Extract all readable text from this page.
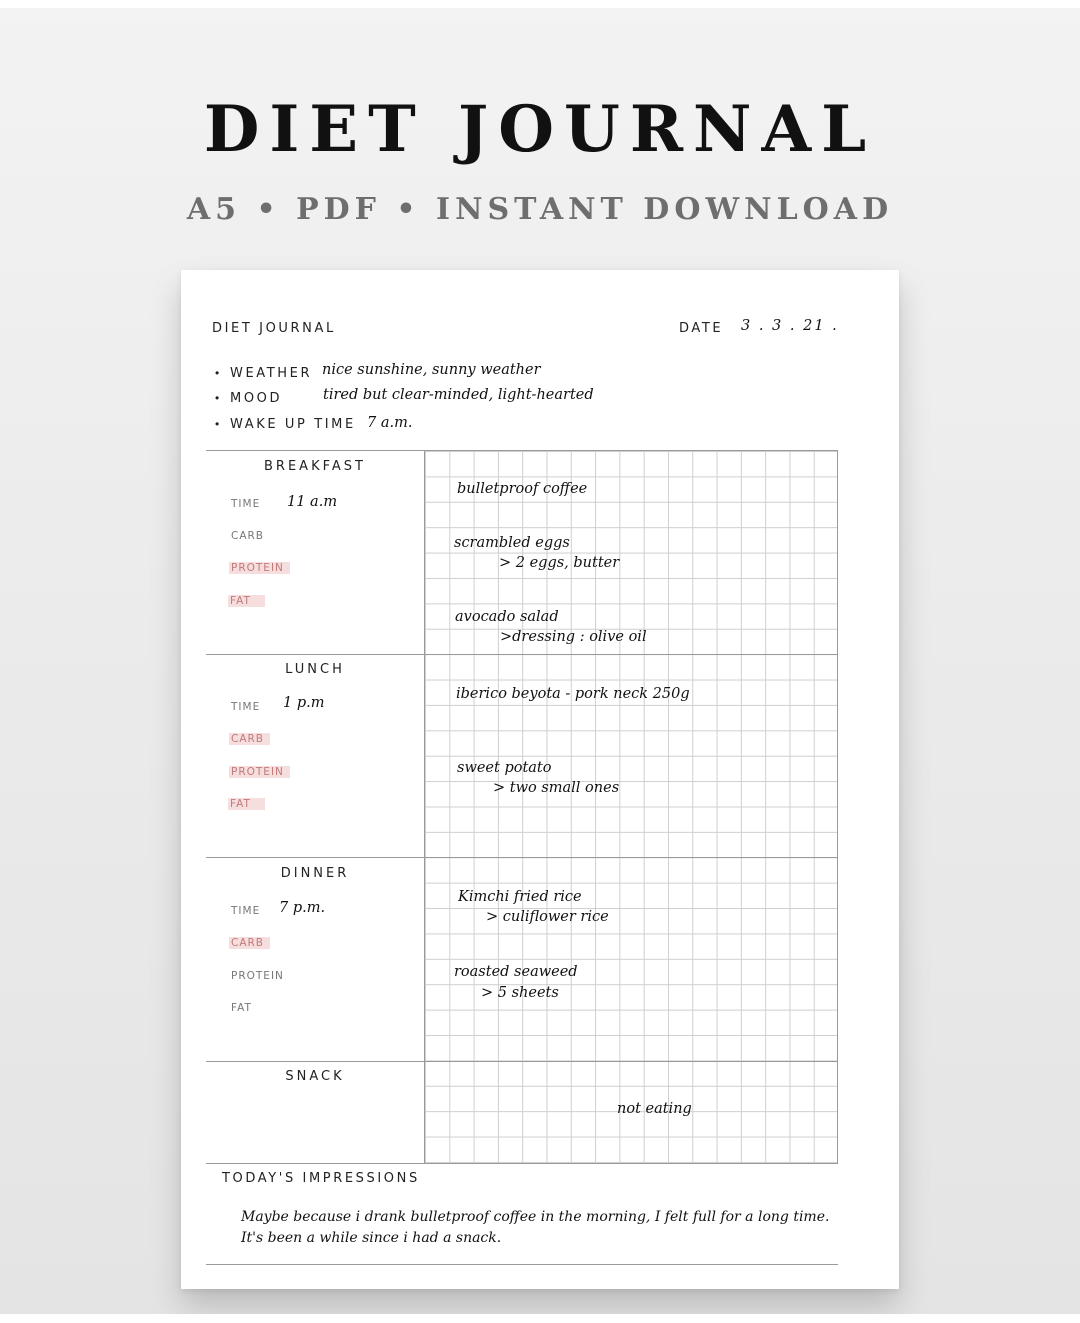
DIET JOURNAL
A5 • PDF • INSTANT DOWNLOAD
DIET JOURNAL	DATE 3 . 3 . 21 .
• WEATHER nice sunshine, sunny weather
• MOOD	tired but clear-minded, light-hearted
• WAKE UP TIME 7 a.m.
BREAKFAST
TIME 11 a.m
CARB
PROTEIN
FAT
bulletproof coffee
scrambled eggs
> 2 eggs, butter
avocado salad
>dressing : olive oil
LUNCH
TIME 1 p.m
CARB
PROTEIN
FAT
iberico beyota - pork neck 250g
sweet potato
> two small ones
DINNER
TIME 7 p.m.
CARB
PROTEIN
FAT
Kimchi fried rice
> culiflower rice
roasted seaweed
> 5 sheets
SNACK
not eating
TODAY'S IMPRESSIONS
Maybe because i drank bulletproof coffee in the morning, I felt full for a long time.
It's been a while since i had a snack.
